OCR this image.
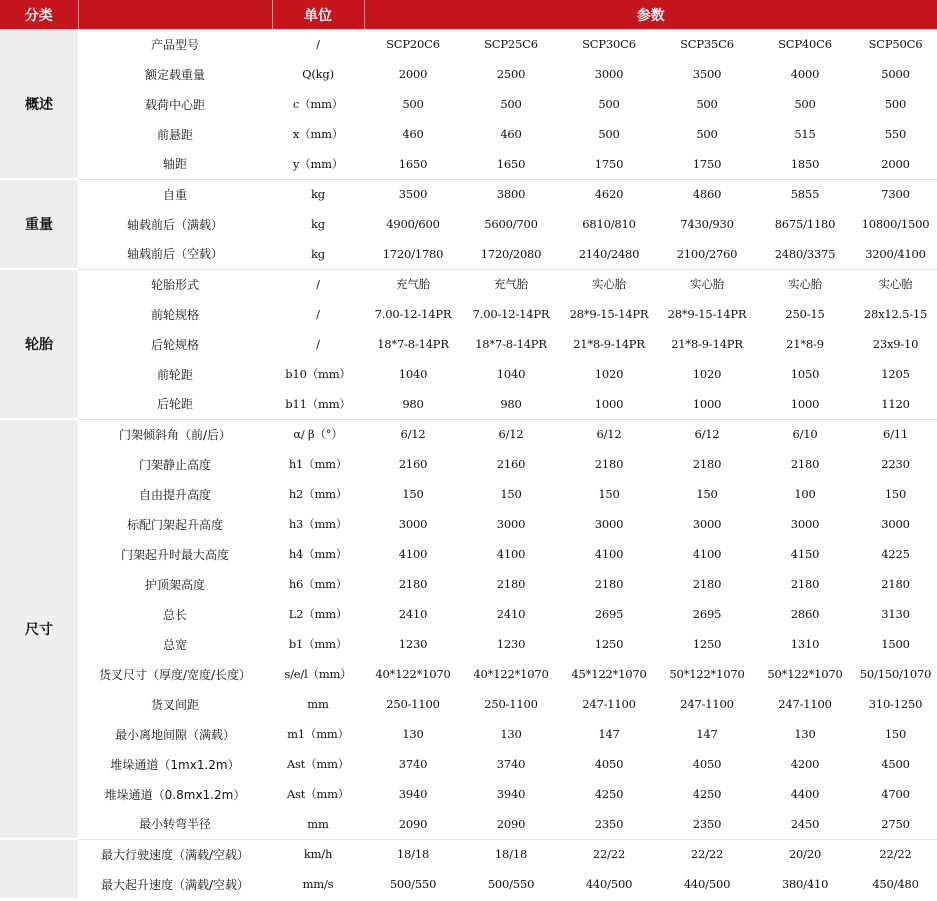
分类		单位	参数					
概述	产品型号	/	SCP20C6	SCP25C6	SCP30C6	SCP35C6	SCP40C6	SCP50C6
	额定载重量	Q(kg)	2000	2500	3000	3500	4000	5000
	载荷中心距	c（mm）	500	500	500	500	500	500
	前悬距	x（mm）	460	460	500	500	515	550
	轴距	y（mm）	1650	1650	1750	1750	1850	2000
重量	自重	kg	3500	3800	4620	4860	5855	7300
	轴载前后（满载）	kg	4900/600	5600/700	6810/810	7430/930	8675/1180	10800/1500
	轴载前后（空载）	kg	1720/1780	1720/2080	2140/2480	2100/2760	2480/3375	3200/4100
轮胎	轮胎形式	/	充气胎	充气胎	实心胎	实心胎	实心胎	实心胎
	前轮规格	/	7.00-12-14PR	7.00-12-14PR	28*9-15-14PR	28*9-15-14PR	250-15	28x12.5-15
	后轮规格	/	18*7-8-14PR	18*7-8-14PR	21*8-9-14PR	21*8-9-14PR	21*8-9	23x9-10
	前轮距	b10（mm）	1040	1040	1020	1020	1050	1205
	后轮距	b11（mm）	980	980	1000	1000	1000	1120
尺寸	门架倾斜角（前/后）	α/ β（°）	6/12	6/12	6/12	6/12	6/10	6/11
	门架静止高度	h1（mm）	2160	2160	2180	2180	2180	2230
	自由提升高度	h2（mm）	150	150	150	150	100	150
	标配门架起升高度	h3（mm）	3000	3000	3000	3000	3000	3000
	门架起升时最大高度	h4（mm）	4100	4100	4100	4100	4150	4225
	护顶架高度	h6（mm）	2180	2180	2180	2180	2180	2180
	总长	L2（mm）	2410	2410	2695	2695	2860	3130
	总宽	b1（mm）	1230	1230	1250	1250	1310	1500
	货叉尺寸（厚度/宽度/长度）	s/e/l（mm）	40*122*1070	40*122*1070	45*122*1070	50*122*1070	50*122*1070	50/150/1070
	货叉间距	mm	250-1100	250-1100	247-1100	247-1100	247-1100	310-1250
	最小离地间隙（满载）	m1（mm）	130	130	147	147	130	150
	堆垛通道（1mx1.2m）	Ast（mm）	3740	3740	4050	4050	4200	4500
	堆垛通道（0.8mx1.2m）	Ast（mm）	3940	3940	4250	4250	4400	4700
	最小转弯半径	mm	2090	2090	2350	2350	2450	2750
	最大行驶速度（满载/空载）	km/h	18/18	18/18	22/22	22/22	20/20	22/22
	最大起升速度（满载/空载）	mm/s	500/550	500/550	440/500	440/500	380/410	450/480
